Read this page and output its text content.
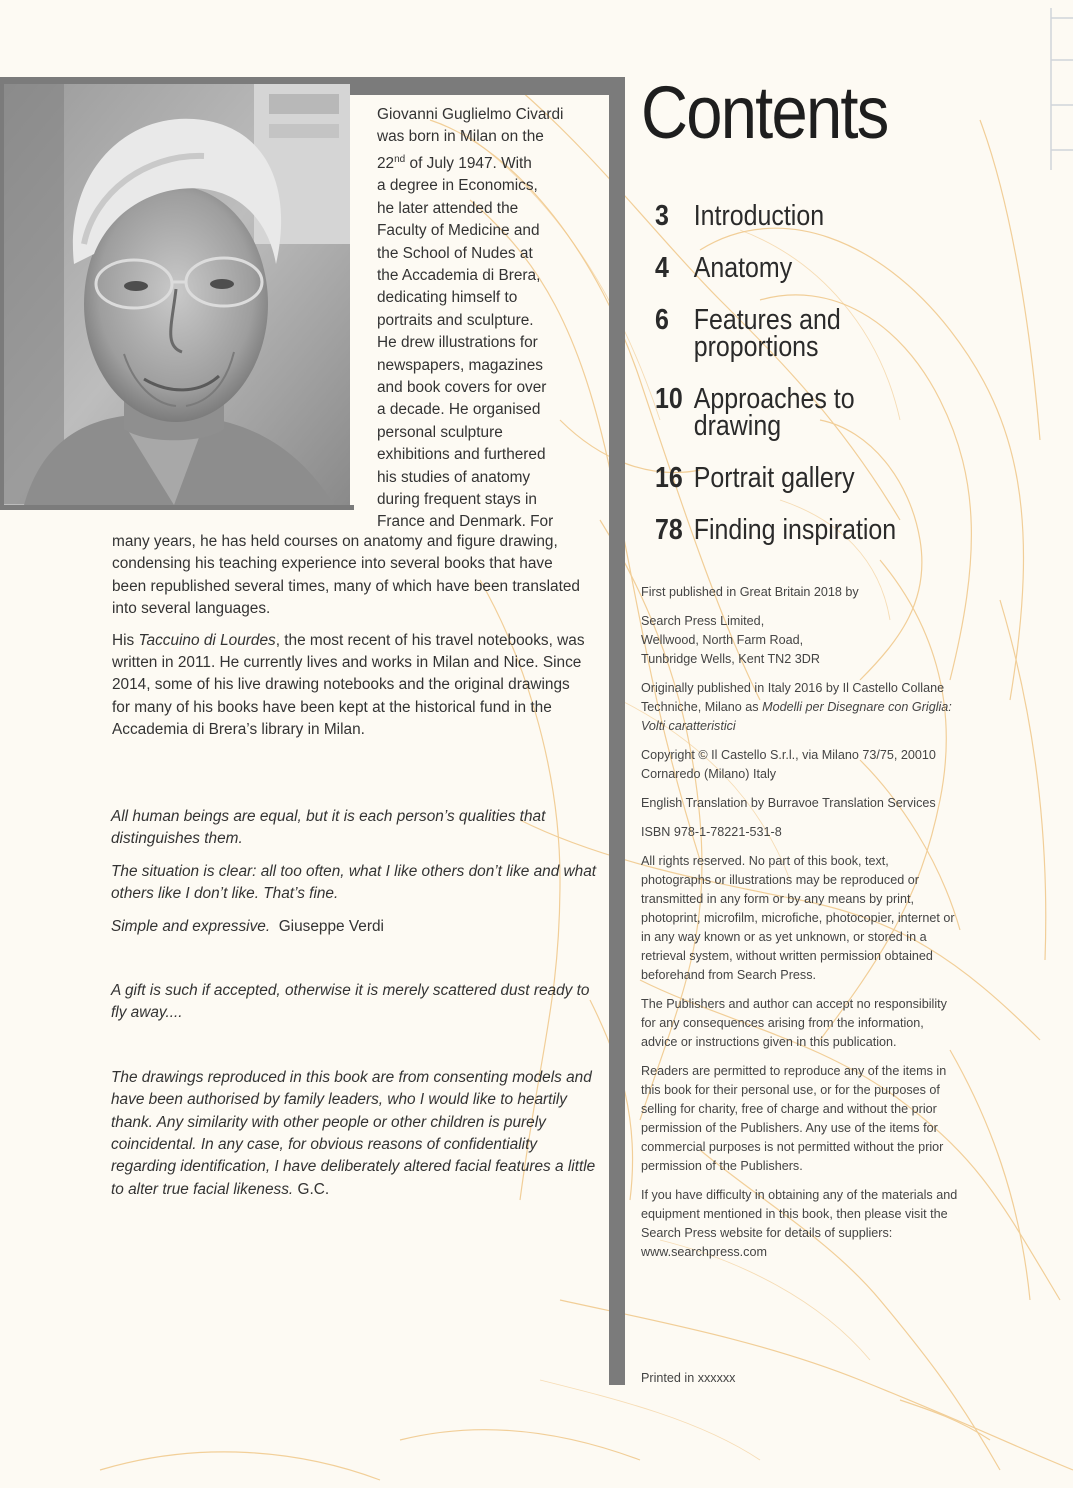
Giovanni Guglielmo Civardi
was born in Milan on the
22nd of July 1947. With
a degree in Economics,
he later attended the
Faculty of Medicine and
the School of Nudes at
the Accademia di Brera,
dedicating himself to
portraits and sculpture.
He drew illustrations for
newspapers, magazines
and book covers for over
a decade. He organised
personal sculpture
exhibitions and furthered
his studies of anatomy
during frequent stays in
France and Denmark. For

many years, he has held courses on anatomy and figure drawing, condensing his teaching experience into several books that have been republished several times, many of which have been translated into several languages.

His Taccuino di Lourdes, the most recent of his travel notebooks, was written in 2011. He currently lives and works in Milan and Nice. Since 2014, some of his live drawing notebooks and the original drawings for many of his books have been kept at the historical fund in the Accademia di Brera’s library in Milan.

All human beings are equal, but it is each person’s qualities that distinguishes them.

The situation is clear: all too often, what I like others don’t like and what others like I don’t like. That’s fine.

Simple and expressive. Giuseppe Verdi

A gift is such if accepted, otherwise it is merely scattered dust ready to fly away....

The drawings reproduced in this book are from consenting models and have been authorised by family leaders, who I would like to heartily thank. Any similarity with other people or other children is purely coincidental. In any case, for obvious reasons of confidentiality regarding identification, I have deliberately altered facial features a little to alter true facial likeness. G.C.

Contents
3 Introduction
4 Anatomy
6 Features and
proportions
10 Approaches to
drawing
16 Portrait gallery
78 Finding inspiration

First published in Great Britain 2018 by

Search Press Limited,
Wellwood, North Farm Road,
Tunbridge Wells, Kent TN2 3DR

Originally published in Italy 2016 by Il Castello Collane Techniche, Milano as Modelli per Disegnare con Griglia: Volti caratteristici

Copyright © Il Castello S.r.l., via Milano 73/75, 20010 Cornaredo (Milano) Italy

English Translation by Burravoe Translation Services

ISBN 978-1-78221-531-8

All rights reserved. No part of this book, text, photographs or illustrations may be reproduced or transmitted in any form or by any means by print, photoprint, microfilm, microfiche, photocopier, internet or in any way known or as yet unknown, or stored in a retrieval system, without written permission obtained beforehand from Search Press.

The Publishers and author can accept no responsibility for any consequences arising from the information, advice or instructions given in this publication.

Readers are permitted to reproduce any of the items in this book for their personal use, or for the purposes of selling for charity, free of charge and without the prior permission of the Publishers. Any use of the items for commercial purposes is not permitted without the prior permission of the Publishers.

If you have difficulty in obtaining any of the materials and equipment mentioned in this book, then please visit the Search Press website for details of suppliers: www.searchpress.com

Printed in xxxxxx
